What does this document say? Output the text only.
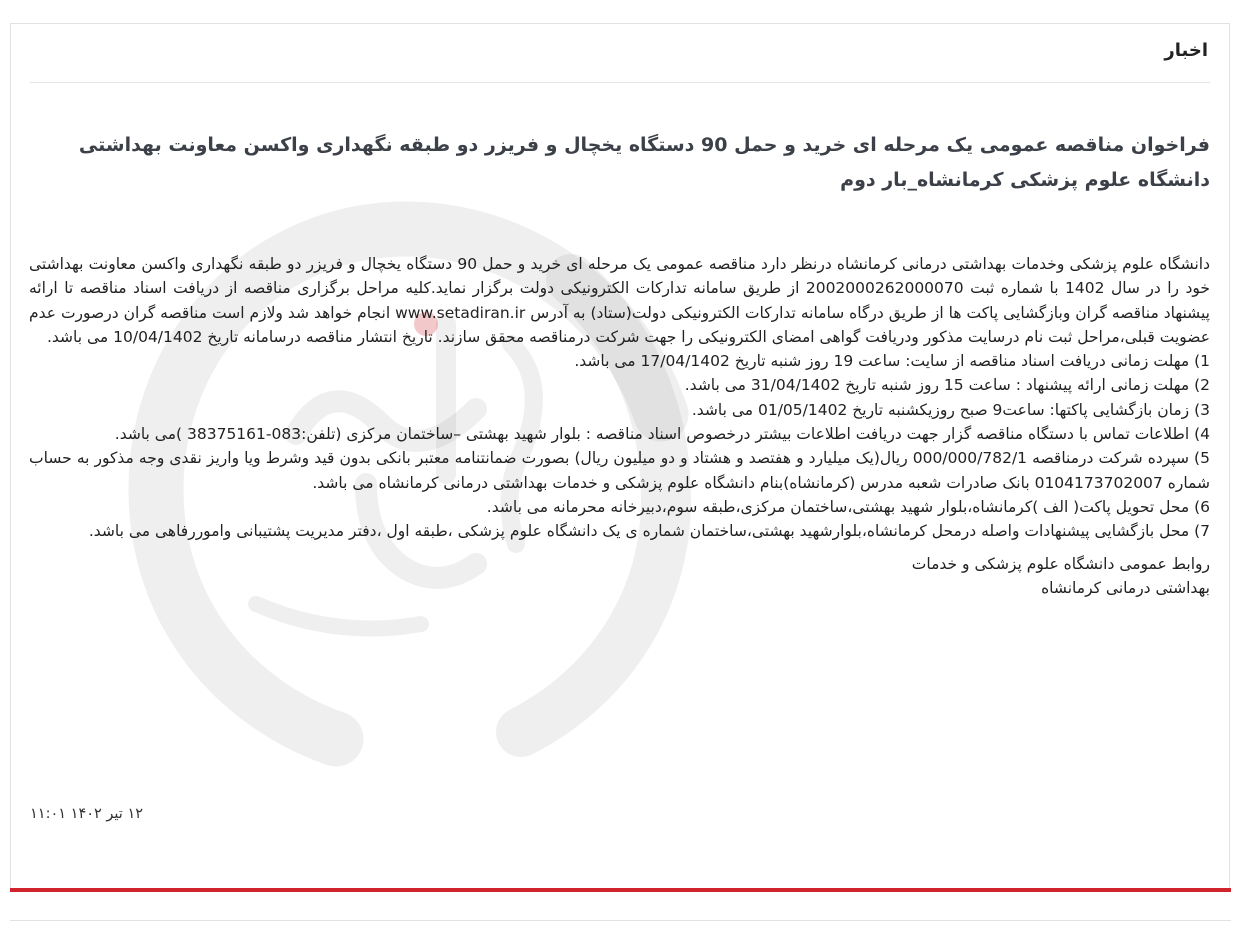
اخبار
فراخوان مناقصه عمومی یک مرحله ای خرید و حمل 90 دستگاه یخچال و فریزر دو طبقه نگهداری واکسن معاونت بهداشتی دانشگاه علوم پزشکی کرمانشاه_بار دوم

دانشگاه علوم پزشکی وخدمات بهداشتی درمانی کرمانشاه درنظر دارد مناقصه عمومی یک مرحله ای خرید و حمل 90 دستگاه یخچال و فریزر دو طبقه نگهداری واکسن معاونت بهداشتی خود را در سال 1402 با شماره ثبت 2002000262000070 از طریق سامانه تدارکات الکترونیکی دولت برگزار نماید.کلیه مراحل برگزاری مناقصه از دریافت اسناد مناقصه تا ارائه پیشنهاد مناقصه گران وبازگشایی پاکت ها از طریق درگاه سامانه تدارکات الکترونیکی دولت(ستاد) به آدرس www.setadiran.ir انجام خواهد شد ولازم است مناقصه گران درصورت عدم عضویت قبلی،مراحل ثبت نام درسایت مذکور ودریافت گواهی امضای الکترونیکی را جهت شرکت درمناقصه محقق سازند. تاریخ انتشار مناقصه درسامانه تاریخ 10/04/1402 می باشد.

1) مهلت زمانی دریافت اسناد مناقصه از سایت: ساعت 19 روز شنبه تاریخ 17/04/1402 می باشد.
2) مهلت زمانی ارائه پیشنهاد : ساعت 15 روز شنبه تاریخ 31/04/1402 می باشد.
3) زمان بازگشایی پاکتها: ساعت9 صبح روزیکشنبه تاریخ 01/05/1402 می باشد.
4) اطلاعات تماس با دستگاه مناقصه گزار جهت دریافت اطلاعات بیشتر درخصوص اسناد مناقصه : بلوار شهید بهشتی –ساختمان مرکزی (تلفن:083-38375161 )می باشد.
5) سپرده شرکت درمناقصه 000/000/782/1 ریال(یک میلیارد و هفتصد و هشتاد و دو میلیون ریال) بصورت ضمانتنامه معتبر بانکی بدون قید وشرط ویا واریز نقدی وجه مذکور به حساب شماره 0104173702007 بانک صادرات شعبه مدرس (کرمانشاه)بنام دانشگاه علوم پزشکی و خدمات بهداشتی درمانی کرمانشاه می باشد.
6) محل تحویل پاکت( الف )کرمانشاه،بلوار شهید بهشتی،ساختمان مرکزی،طبقه سوم،دبیرخانه محرمانه می باشد.
7) محل بازگشایی پیشنهادات واصله درمحل کرمانشاه،بلوارشهید بهشتی،ساختمان شماره ی یک دانشگاه علوم پزشکی ،طبقه اول ،دفتر مدیریت پشتیبانی واموررفاهی می باشد.

روابط عمومی دانشگاه علوم پزشکی و خدمات

بهداشتی درمانی کرمانشاه

۱۲ تیر ۱۴۰۲ ۱۱:۰۱
